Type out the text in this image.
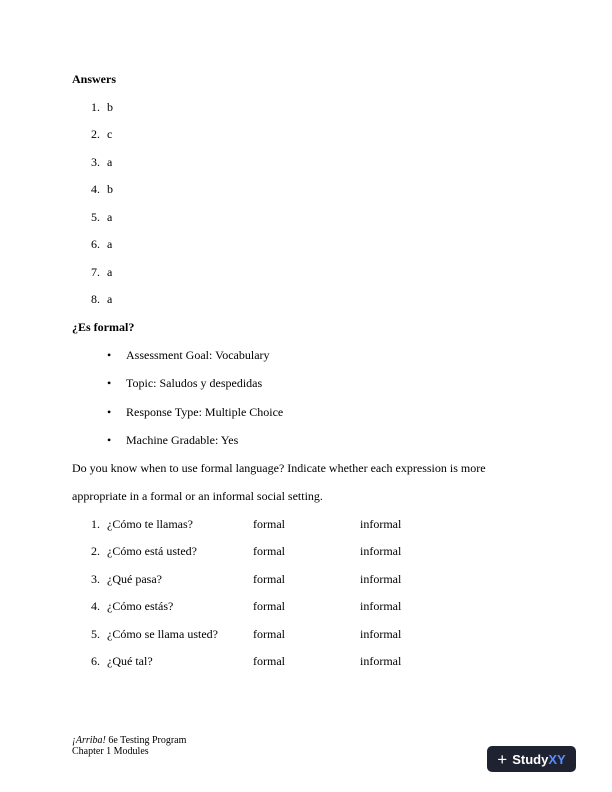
Answers
1. b
2. c
3. a
4. b
5. a
6. a
7. a
8. a
¿Es formal?
• Assessment Goal: Vocabulary
• Topic: Saludos y despedidas
• Response Type: Multiple Choice
• Machine Gradable: Yes
Do you know when to use formal language? Indicate whether each expression is more
appropriate in a formal or an informal social setting.
1. ¿Cómo te llamas?	formal	informal
2. ¿Cómo está usted?	formal	informal
3. ¿Qué pasa?	formal	informal
4. ¿Cómo estás?	formal	informal
5. ¿Cómo se llama usted?	formal	informal
6. ¿Qué tal?	formal	informal
¡Arriba! 6e Testing Program
Chapter 1 Modules	+ Study XY
